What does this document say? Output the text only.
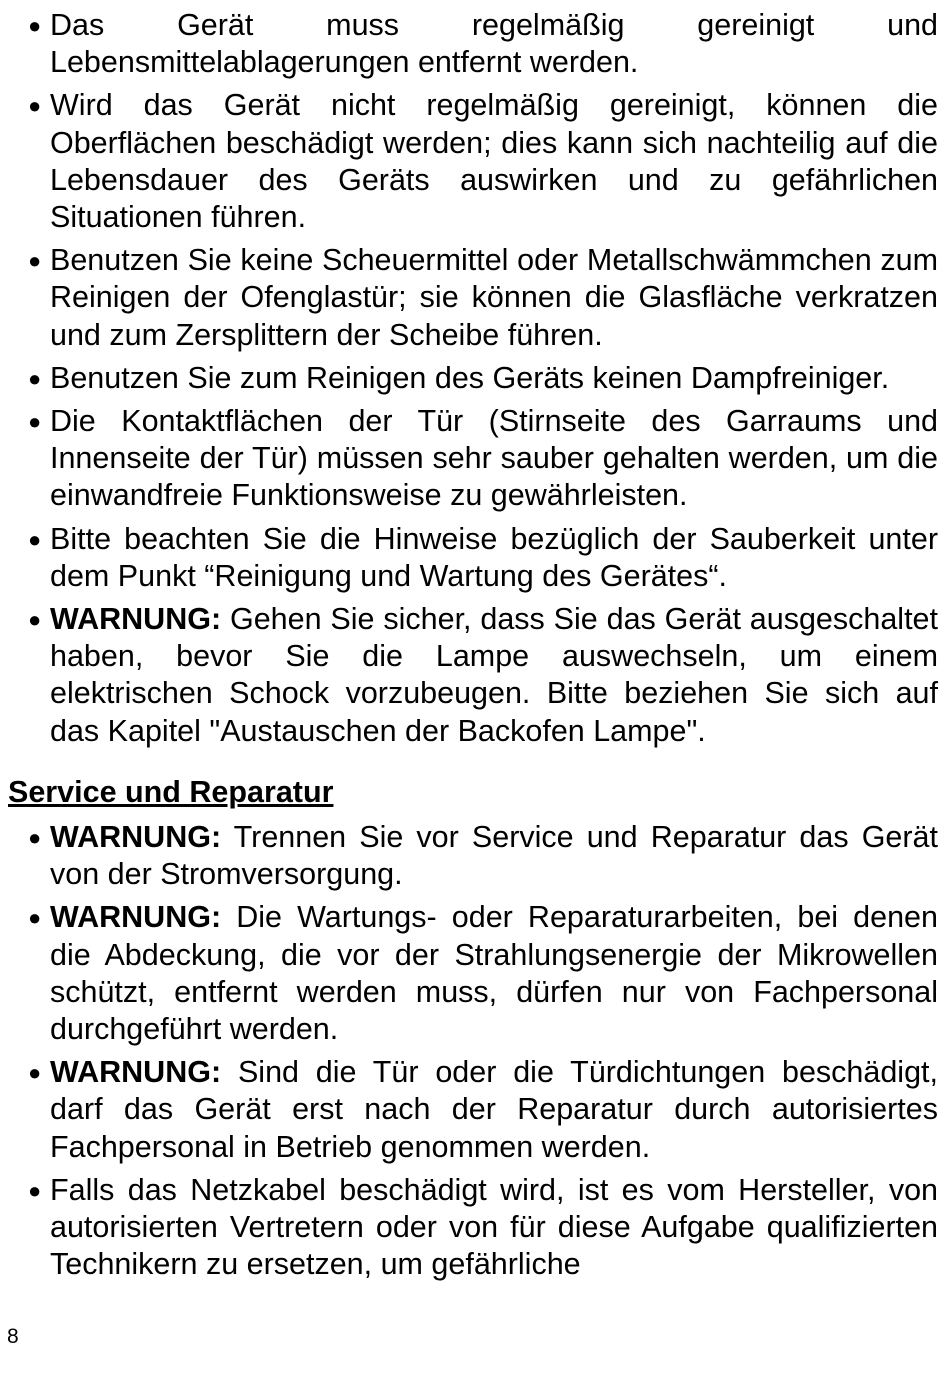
● Das Gerät muss regelmäßig gereinigt und Lebensmittelablagerungen entfernt werden.
● Wird das Gerät nicht regelmäßig gereinigt, können die Oberflächen beschädigt werden; dies kann sich nachteilig auf die Lebensdauer des Geräts auswirken und zu gefährlichen Situationen führen.
● Benutzen Sie keine Scheuermittel oder Metallschwämmchen zum Reinigen der Ofenglastür; sie können die Glasfläche verkratzen und zum Zersplittern der Scheibe führen.
● Benutzen Sie zum Reinigen des Geräts keinen Dampfreiniger.
● Die Kontaktflächen der Tür (Stirnseite des Garraums und Innenseite der Tür) müssen sehr sauber gehalten werden, um die einwandfreie Funktionsweise zu gewährleisten.
● Bitte beachten Sie die Hinweise bezüglich der Sauberkeit unter dem Punkt “Reinigung und Wartung des Gerätes“.
● WARNUNG: Gehen Sie sicher, dass Sie das Gerät ausgeschaltet haben, bevor Sie die Lampe auswechseln, um einem elektrischen Schock vorzubeugen. Bitte beziehen Sie sich auf das Kapitel "Austauschen der Backofen Lampe".
Service und Reparatur
● WARNUNG: Trennen Sie vor Service und Reparatur das Gerät von der Stromversorgung.
● WARNUNG: Die Wartungs- oder Reparaturarbeiten, bei denen die Abdeckung, die vor der Strahlungsenergie der Mikrowellen schützt, entfernt werden muss, dürfen nur von Fachpersonal durchgeführt werden.
● WARNUNG: Sind die Tür oder die Türdichtungen beschädigt, darf das Gerät erst nach der Reparatur durch autorisiertes Fachpersonal in Betrieb genommen werden.
● Falls das Netzkabel beschädigt wird, ist es vom Hersteller, von autorisierten Vertretern oder von für diese Aufgabe qualifizierten Technikern zu ersetzen, um gefährliche
8
